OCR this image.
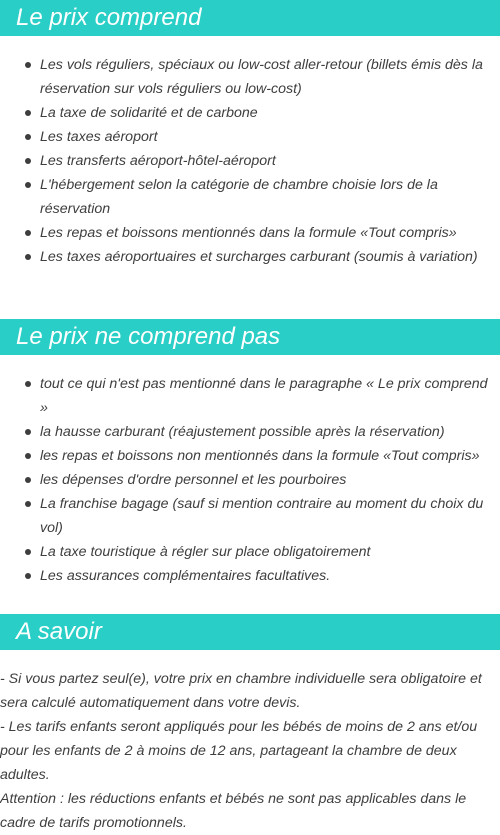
Le prix comprend
Les vols réguliers, spéciaux ou low-cost aller-retour (billets émis dès la réservation sur vols réguliers ou low-cost)
La taxe de solidarité et de carbone
Les taxes aéroport
Les transferts aéroport-hôtel-aéroport
L'hébergement selon la catégorie de chambre choisie lors de la réservation
Les repas et boissons mentionnés dans la formule «Tout compris»
Les taxes aéroportuaires et surcharges carburant (soumis à variation)
Le prix ne comprend pas
tout ce qui n'est pas mentionné dans le paragraphe « Le prix comprend »
la hausse carburant (réajustement possible après la réservation)
les repas et boissons non mentionnés dans la formule «Tout compris»
les dépenses d'ordre personnel et les pourboires
La franchise bagage (sauf si mention contraire au moment du choix du vol)
La taxe touristique à régler sur place obligatoirement
Les assurances complémentaires facultatives.
A savoir

- Si vous partez seul(e), votre prix en chambre individuelle sera obligatoire et sera calculé automatiquement dans votre devis.

- Les tarifs enfants seront appliqués pour les bébés de moins de 2 ans et/ou pour les enfants de 2 à moins de 12 ans, partageant la chambre de deux adultes.

Attention : les réductions enfants et bébés ne sont pas applicables dans le cadre de tarifs promotionnels.
